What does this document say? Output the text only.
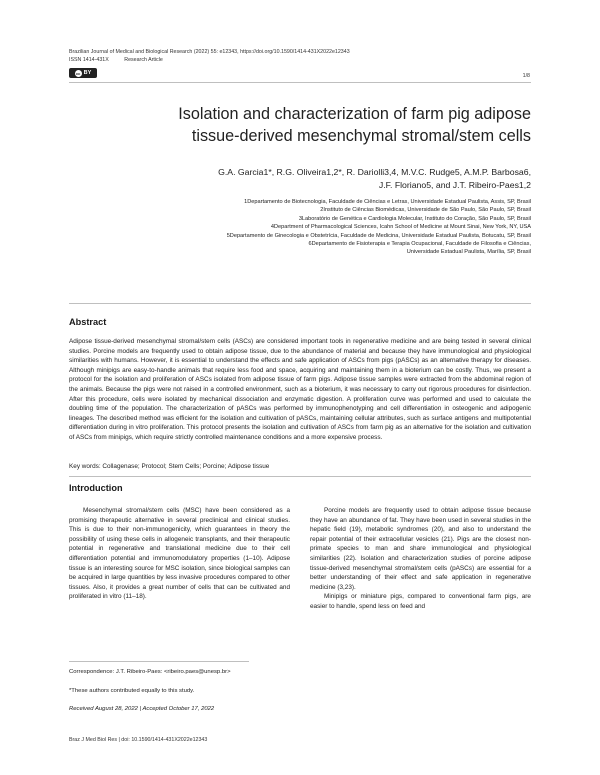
Brazilian Journal of Medical and Biological Research (2022) 55: e12343, https://doi.org/10.1590/1414-431X2022e12343
ISSN 1414-431X	Research Article
cc BY	1/8
Isolation and characterization of farm pig adipose
tissue-derived mesenchymal stromal/stem cells
G.A. Garcia1*, R.G. Oliveira1,2*, R. Dariolli3,4, M.V.C. Rudge5, A.M.P. Barbosa6,
J.F. Floriano5, and J.T. Ribeiro-Paes1,2
1Departamento de Biotecnologia, Faculdade de Ciências e Letras, Universidade Estadual Paulista, Assis, SP, Brasil
2Instituto de Ciências Biomédicas, Universidade de São Paulo, São Paulo, SP, Brasil
3Laboratório de Genética e Cardiologia Molecular, Instituto do Coração, São Paulo, SP, Brasil
4Department of Pharmacological Sciences, Icahn School of Medicine at Mount Sinai, New York, NY, USA
5Departamento de Ginecologia e Obstetrícia, Faculdade de Medicina, Universidade Estadual Paulista, Botucatu, SP, Brasil
6Departamento de Fisioterapia e Terapia Ocupacional, Faculdade de Filosofia e Ciências,
Universidade Estadual Paulista, Marília, SP, Brasil
Abstract
Adipose tissue-derived mesenchymal stromal/stem cells (ASCs) are considered important tools in regenerative medicine and are being tested in several clinical studies. Porcine models are frequently used to obtain adipose tissue, due to the abundance of material and because they have immunological and physiological similarities with humans. However, it is essential to understand the effects and safe application of ASCs from pigs (pASCs) as an alternative therapy for diseases. Although minipigs are easy-to-handle animals that require less food and space, acquiring and maintaining them in a bioterium can be costly. Thus, we present a protocol for the isolation and proliferation of ASCs isolated from adipose tissue of farm pigs. Adipose tissue samples were extracted from the abdominal region of the animals. Because the pigs were not raised in a controlled environment, such as a bioterium, it was necessary to carry out rigorous procedures for disinfection. After this procedure, cells were isolated by mechanical dissociation and enzymatic digestion. A proliferation curve was performed and used to calculate the doubling time of the population. The characterization of pASCs was performed by immunophenotyping and cell differentiation in osteogenic and adipogenic lineages. The described method was efficient for the isolation and cultivation of pASCs, maintaining cellular attributes, such as surface antigens and multipotential differentiation during in vitro proliferation. This protocol presents the isolation and cultivation of ASCs from farm pig as an alternative for the isolation and cultivation of ASCs from minipigs, which require strictly controlled maintenance conditions and a more expensive process.
Key words: Collagenase; Protocol; Stem Cells; Porcine; Adipose tissue
Introduction

Mesenchymal stromal/stem cells (MSC) have been considered as a promising therapeutic alternative in several preclinical and clinical studies. This is due to their non-immunogenicity, which guarantees in theory the possibility of using these cells in allogeneic transplants, and their therapeutic potential in regenerative and translational medicine due to their cell differentiation potential and immunomodulatory properties (1–10). Adipose tissue is an interesting source for MSC isolation, since biological samples can be acquired in large quantities by less invasive procedures compared to other tissues. Also, it provides a great number of cells that can be cultivated and proliferated in vitro (11–18).

Porcine models are frequently used to obtain adipose tissue because they have an abundance of fat. They have been used in several studies in the hepatic field (19), metabolic syndromes (20), and also to understand the repair potential of their extracellular vesicles (21). Pigs are the closest non-primate species to man and share immunological and physiological similarities (22). Isolation and characterization studies of porcine adipose tissue-derived mesenchymal stromal/stem cells (pASCs) are essential for a better understanding of their effect and safe application in regenerative medicine (3,23).

Minipigs or miniature pigs, compared to conventional farm pigs, are easier to handle, spend less on feed and

Correspondence: J.T. Ribeiro-Paes: <ribeiro.paes@unesp.br>
*These authors contributed equally to this study.
Received August 28, 2022 | Accepted October 17, 2022
Braz J Med Biol Res | doi: 10.1590/1414-431X2022e12343
